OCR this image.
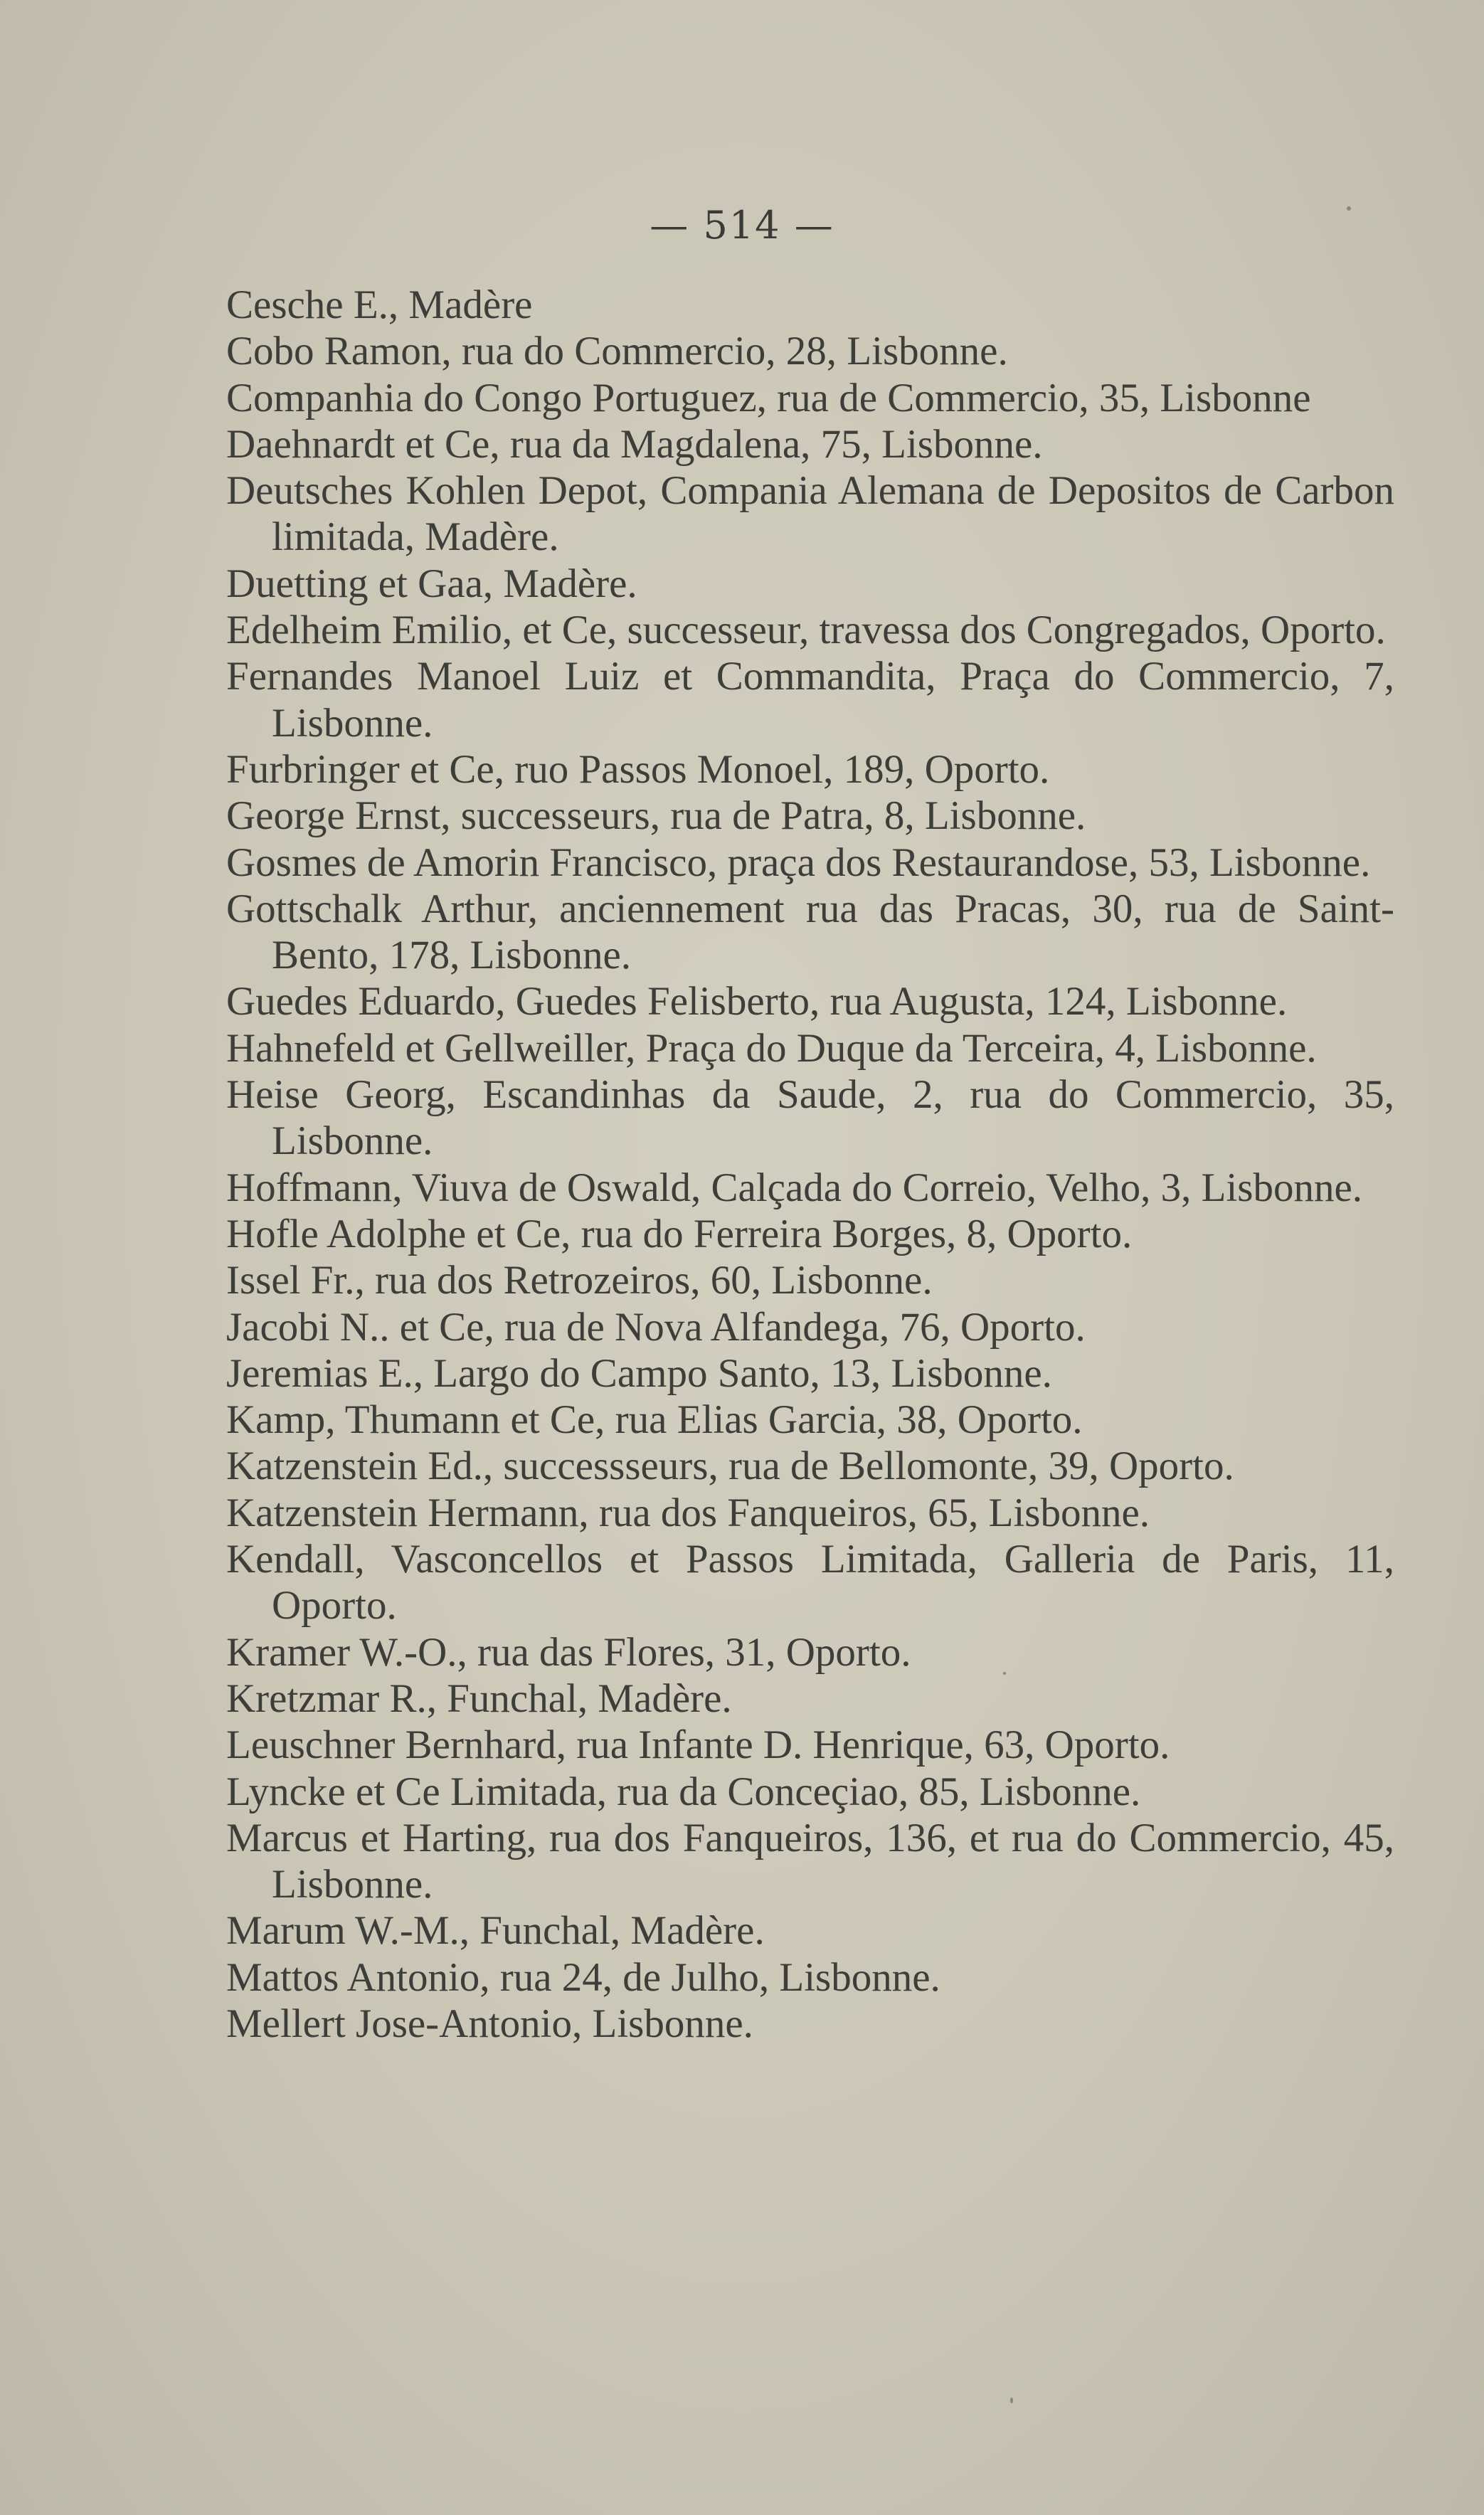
— 514 —
Cesche E., Madère
Cobo Ramon, rua do Commercio, 28, Lisbonne.
Companhia do Congo Portuguez, rua de Commercio, 35, Lisbonne
Daehnardt et Ce, rua da Magdalena, 75, Lisbonne.
Deutsches Kohlen Depot, Compania Alemana de Depositos de Carbon limitada, Madère.
Duetting et Gaa, Madère.
Edelheim Emilio, et Ce, successeur, travessa dos Congregados, Oporto.
Fernandes Manoel Luiz et Commandita, Praça do Commercio, 7, Lisbonne.
Furbringer et Ce, ruo Passos Monoel, 189, Oporto.
George Ernst, successeurs, rua de Patra, 8, Lisbonne.
Gosmes de Amorin Francisco, praça dos Restaurandose, 53, Lisbonne.
Gottschalk Arthur, anciennement rua das Pracas, 30, rua de Saint-Bento, 178, Lisbonne.
Guedes Eduardo, Guedes Felisberto, rua Augusta, 124, Lisbonne.
Hahnefeld et Gellweiller, Praça do Duque da Terceira, 4, Lisbonne.
Heise Georg, Escandinhas da Saude, 2, rua do Commercio, 35, Lisbonne.
Hoffmann, Viuva de Oswald, Calçada do Correio, Velho, 3, Lisbonne.
Hofle Adolphe et Ce, rua do Ferreira Borges, 8, Oporto.
Issel Fr., rua dos Retrozeiros, 60, Lisbonne.
Jacobi N.. et Ce, rua de Nova Alfandega, 76, Oporto.
Jeremias E., Largo do Campo Santo, 13, Lisbonne.
Kamp, Thumann et Ce, rua Elias Garcia, 38, Oporto.
Katzenstein Ed., successseurs, rua de Bellomonte, 39, Oporto.
Katzenstein Hermann, rua dos Fanqueiros, 65, Lisbonne.
Kendall, Vasconcellos et Passos Limitada, Galleria de Paris, 11, Oporto.
Kramer W.-O., rua das Flores, 31, Oporto.
Kretzmar R., Funchal, Madère.
Leuschner Bernhard, rua Infante D. Henrique, 63, Oporto.
Lyncke et Ce Limitada, rua da Conceçiao, 85, Lisbonne.
Marcus et Harting, rua dos Fanqueiros, 136, et rua do Commercio, 45, Lisbonne.
Marum W.-M., Funchal, Madère.
Mattos Antonio, rua 24, de Julho, Lisbonne.
Mellert Jose-Antonio, Lisbonne.
